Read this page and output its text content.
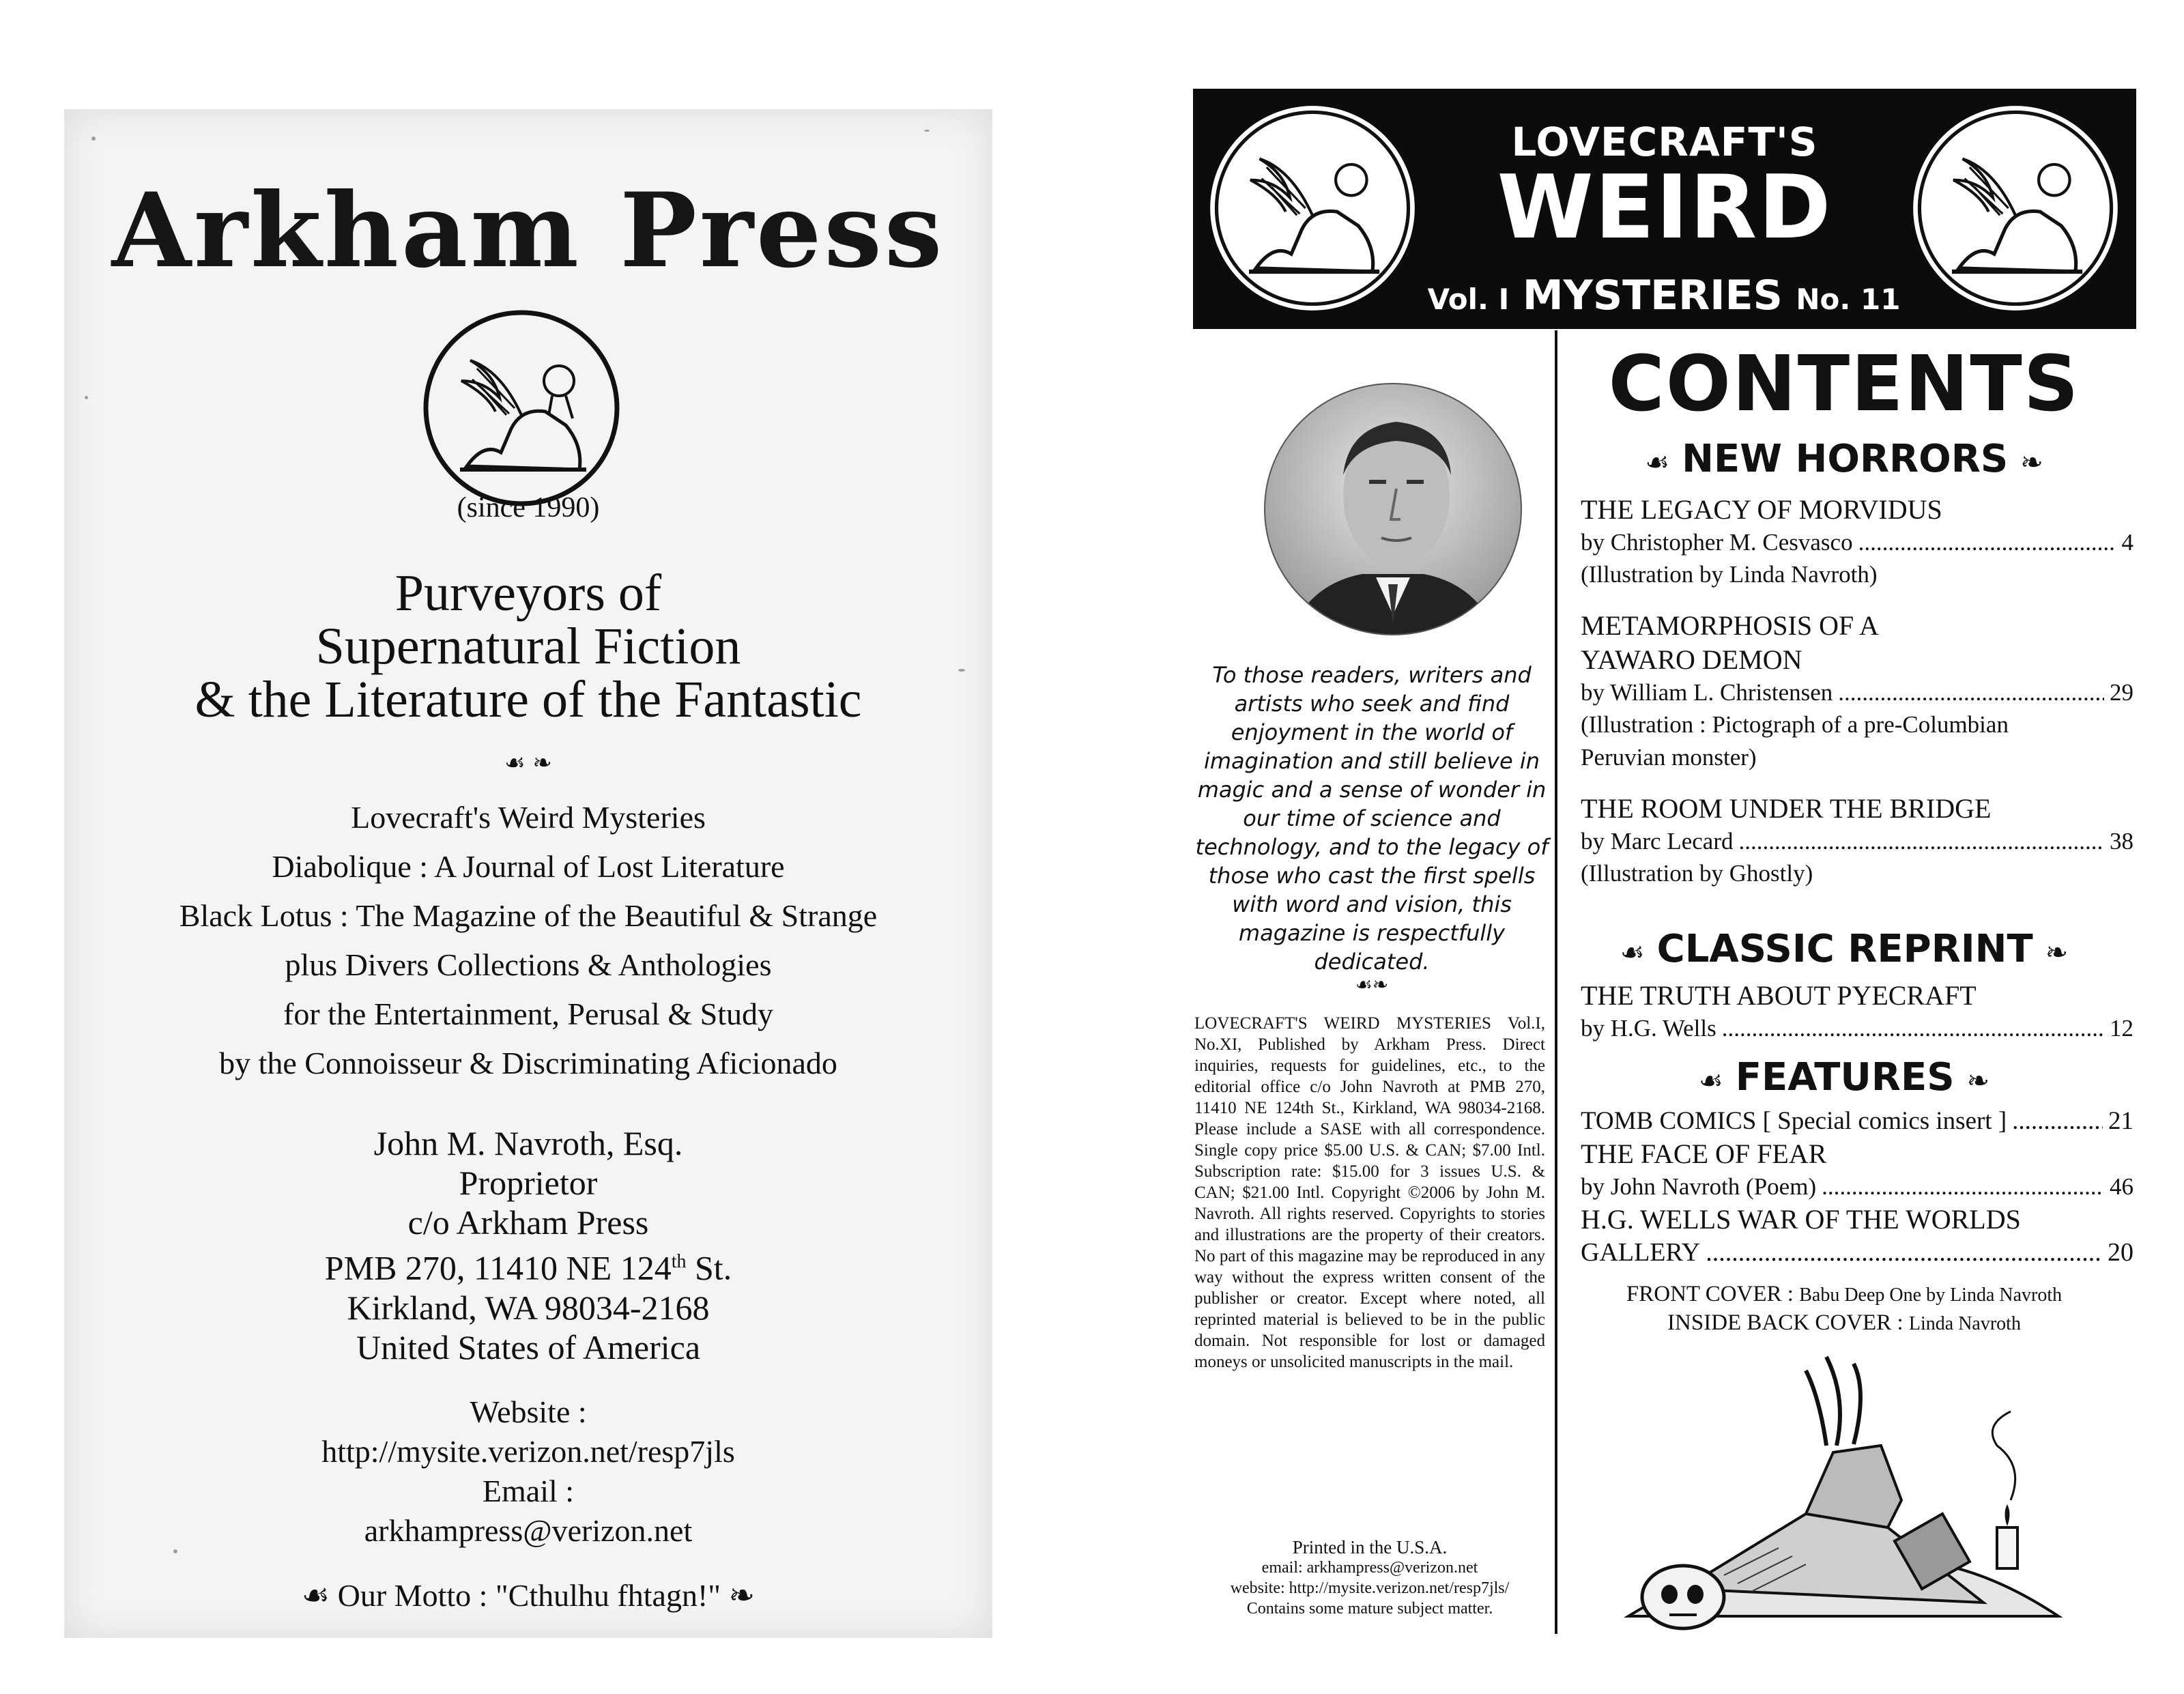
Arkham Press
(since 1990)
Purveyors of
Supernatural Fiction
& the Literature of the Fantastic
☙ ❧
Lovecraft's Weird Mysteries
Diabolique : A Journal of Lost Literature
Black Lotus : The Magazine of the Beautiful & Strange
plus Divers Collections & Anthologies
for the Entertainment, Perusal & Study
by the Connoisseur & Discriminating Aficionado
John M. Navroth, Esq.
Proprietor
c/o Arkham Press
PMB 270, 11410 NE 124th St.
Kirkland, WA 98034-2168
United States of America
Website :
http://mysite.verizon.net/resp7jls
Email :
arkhampress@verizon.net
☙ Our Motto : "Cthulhu fhtagn!" ❧
LOVECRAFT'S
WEIRD
Vol. I MYSTERIES No. 11
To those readers, writers and artists who seek and find enjoyment in the world of imagination and still believe in magic and a sense of wonder in our time of science and technology, and to the legacy of those who cast the first spells with word and vision, this magazine is respectfully dedicated.
☙❧
LOVECRAFT'S WEIRD MYSTERIES Vol.I, No.XI, Published by Arkham Press. Direct inquiries, requests for guidelines, etc., to the editorial office c/o John Navroth at PMB 270, 11410 NE 124th St., Kirkland, WA 98034-2168. Please include a SASE with all correspondence. Single copy price $5.00 U.S. & CAN; $7.00 Intl. Subscription rate: $15.00 for 3 issues U.S. & CAN; $21.00 Intl. Copyright ©2006 by John M. Navroth. All rights reserved. Copyrights to stories and illustrations are the property of their creators. No part of this magazine may be reproduced in any way without the express written consent of the publisher or creator. Except where noted, all reprinted material is believed to be in the public domain. Not responsible for lost or damaged moneys or unsolicited manuscripts in the mail.
Printed in the U.S.A.
email: arkhampress@verizon.net
website: http://mysite.verizon.net/resp7jls/
Contains some mature subject matter.
CONTENTS
☙ NEW HORRORS ❧
THE LEGACY OF MORVIDUS
by Christopher M. Cesvasco .....	4
(Illustration by Linda Navroth)
METAMORPHOSIS OF A
YAWARO DEMON
by William L. Christensen .....	29
(Illustration : Pictograph of a pre-Columbian
Peruvian monster)
THE ROOM UNDER THE BRIDGE
by Marc Lecard .....	38
(Illustration by Ghostly)
☙ CLASSIC REPRINT ❧
THE TRUTH ABOUT PYECRAFT
by H.G. Wells .....	12
☙ FEATURES ❧
TOMB COMICS [ Special comics insert ] .....	21
THE FACE OF FEAR
by John Navroth (Poem) .....	46
H.G. WELLS WAR OF THE WORLDS
GALLERY .....	20
FRONT COVER : Babu Deep One by Linda Navroth
INSIDE BACK COVER : Linda Navroth
